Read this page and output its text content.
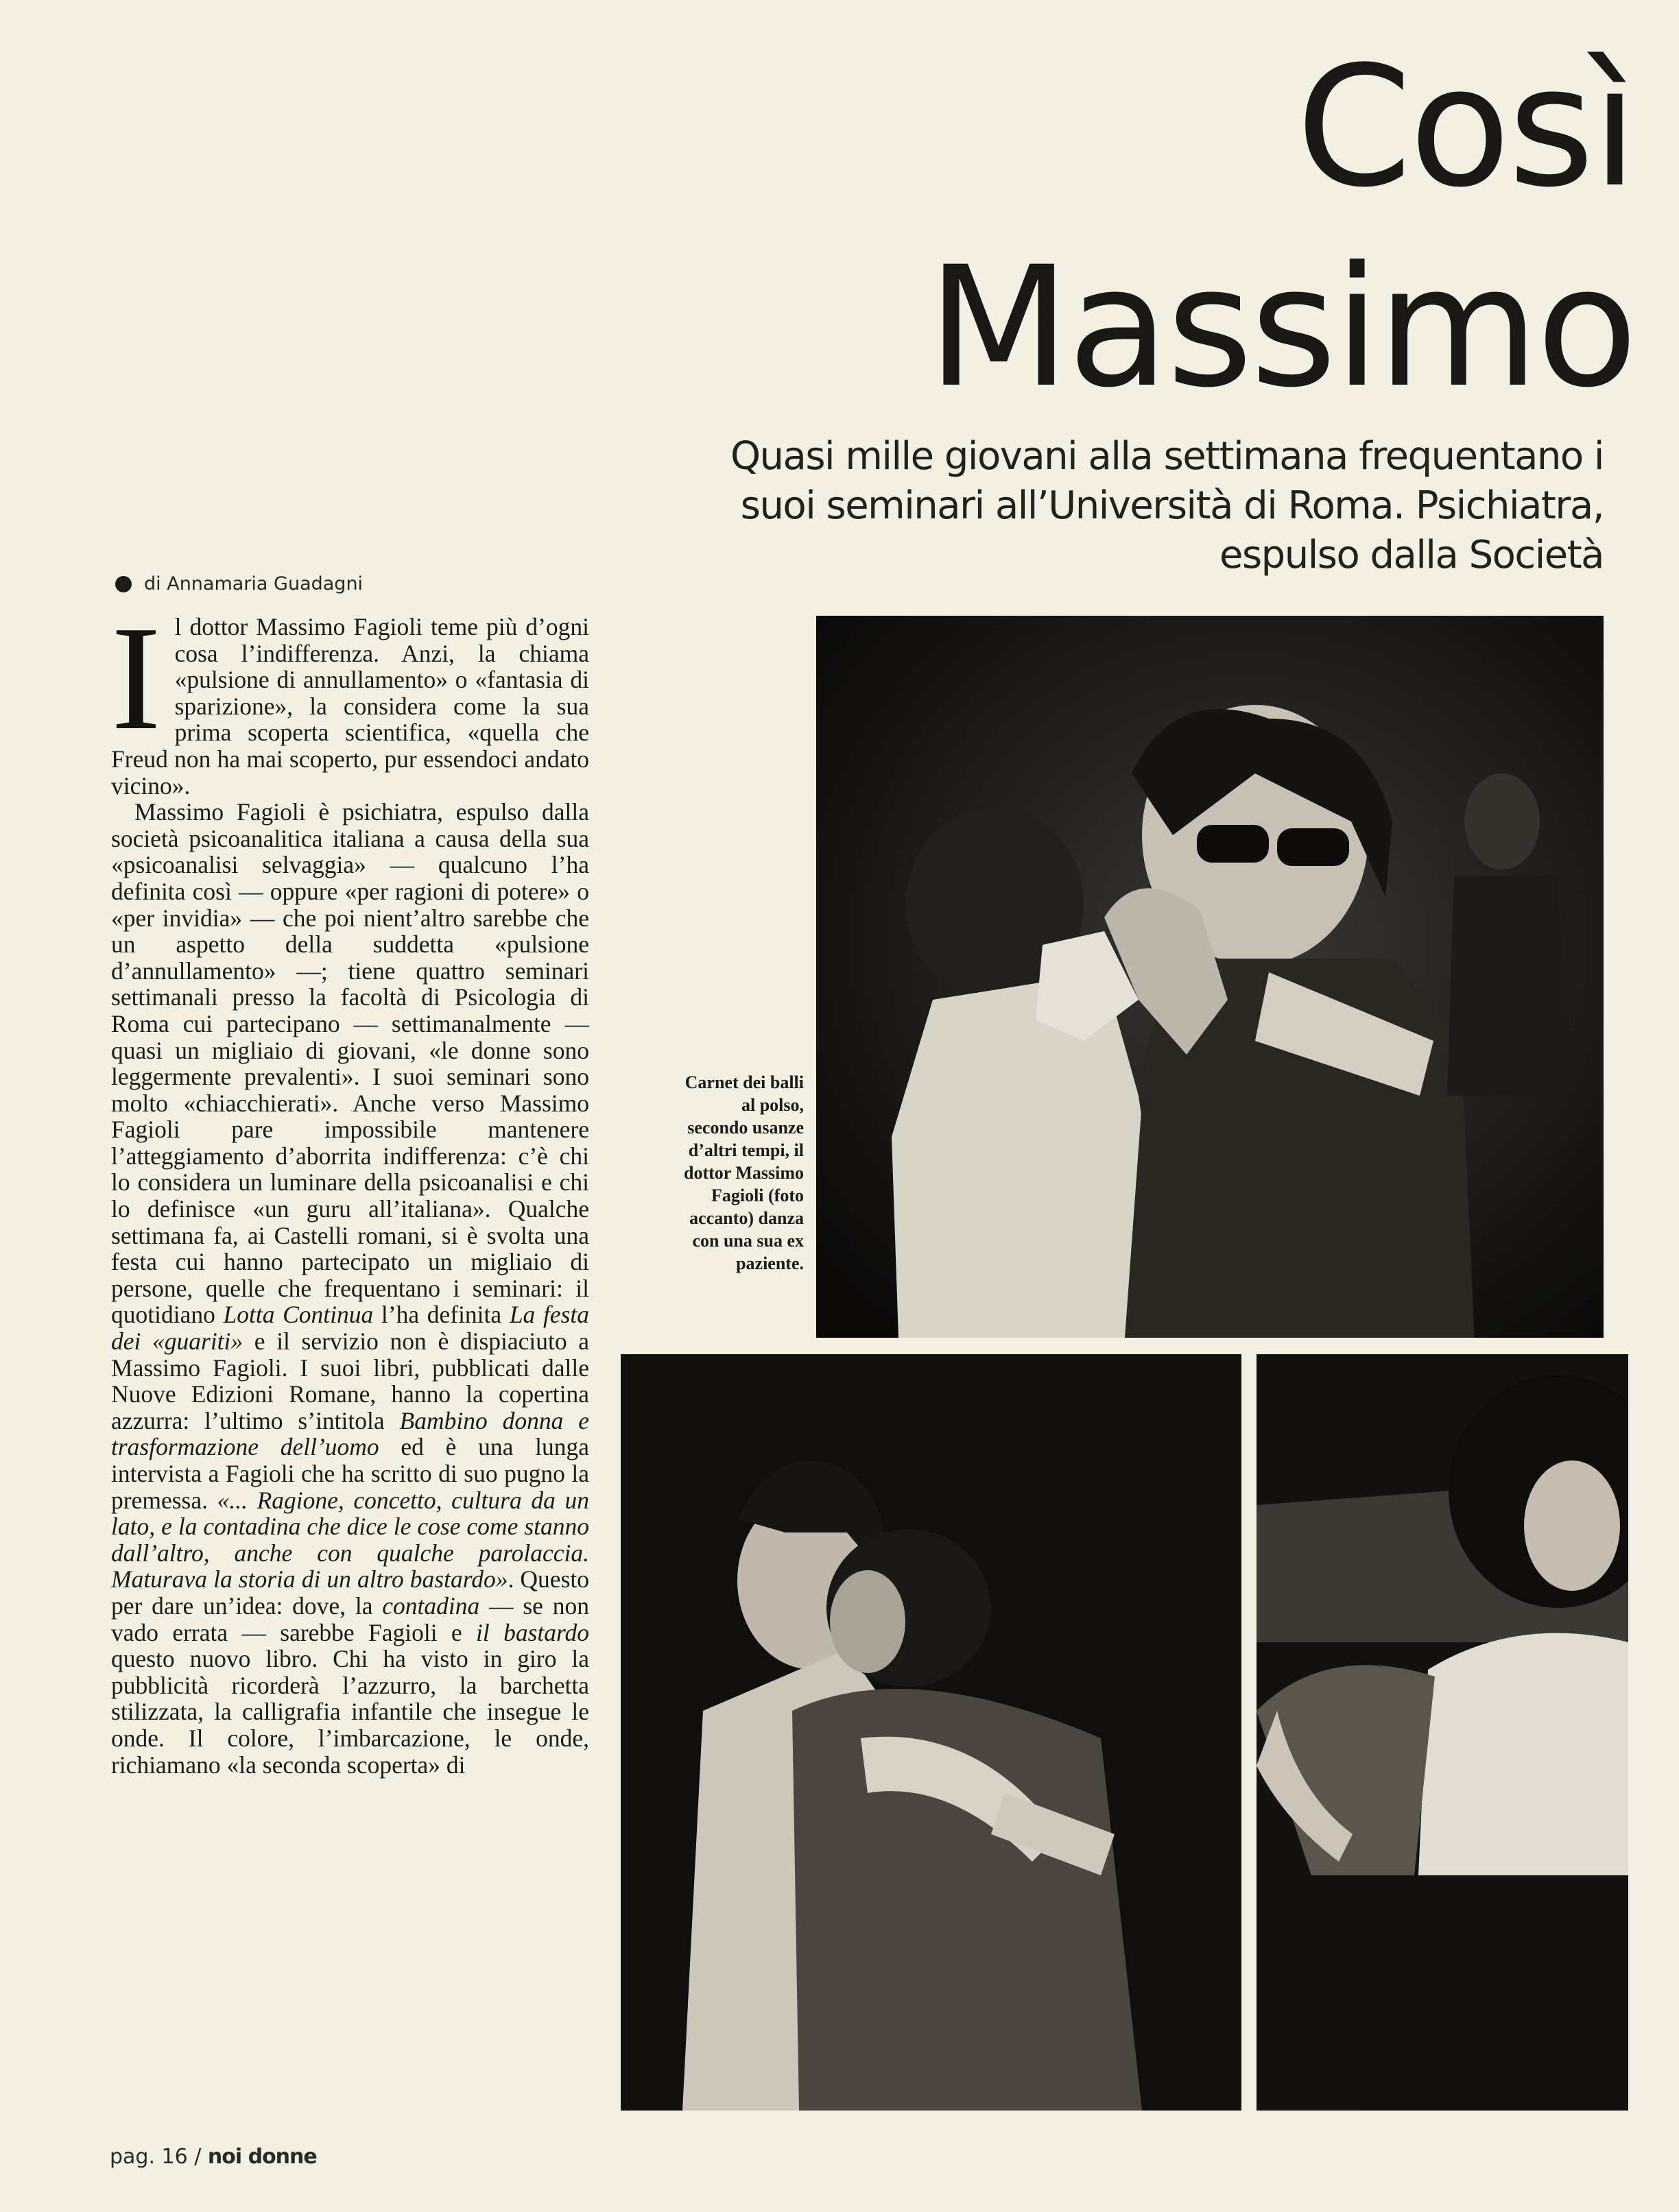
Così
Massimo

Quasi mille giovani alla settimana frequentano i suoi seminari all’Università di Roma. Psichiatra, espulso dalla Società

di Annamaria Guadagni

Il dottor Massimo Fagioli teme più d’ogni cosa l’indifferenza. Anzi, la chiama «pulsione di annullamento» o «fantasia di sparizione», la considera come la sua prima scoperta scientifica, «quella che Freud non ha mai scoperto, pur essendoci andato vicino».

Massimo Fagioli è psichiatra, espulso dalla società psicoanalitica italiana a causa della sua «psicoanalisi selvaggia» — qualcuno l’ha definita così — oppure «per ragioni di potere» o «per invidia» — che poi nient’altro sarebbe che un aspetto della suddetta «pulsione d’annullamento» —; tiene quattro seminari settimanali presso la facoltà di Psicologia di Roma cui partecipano — settimanalmente — quasi un migliaio di giovani, «le donne sono leggermente prevalenti». I suoi seminari sono molto «chiacchierati». Anche verso Massimo Fagioli pare impossibile mantenere l’atteggiamento d’aborrita indifferenza: c’è chi lo considera un luminare della psicoanalisi e chi lo definisce «un guru all’italiana». Qualche settimana fa, ai Castelli romani, si è svolta una festa cui hanno partecipato un migliaio di persone, quelle che frequentano i seminari: il quotidiano Lotta Continua l’ha definita La festa dei «guariti» e il servizio non è dispiaciuto a Massimo Fagioli. I suoi libri, pubblicati dalle Nuove Edizioni Romane, hanno la copertina azzurra: l’ultimo s’intitola Bambino donna e trasformazione dell’uomo ed è una lunga intervista a Fagioli che ha scritto di suo pugno la premessa. «... Ragione, concetto, cultura da un lato, e la contadina che dice le cose come stanno dall’altro, anche con qualche parolaccia. Maturava la storia di un altro bastardo». Questo per dare un’idea: dove, la contadina — se non vado errata — sarebbe Fagioli e il bastardo questo nuovo libro. Chi ha visto in giro la pubblicità ricorderà l’azzurro, la barchetta stilizzata, la calligrafia infantile che insegue le onde. Il colore, l’imbarcazione, le onde, richiamano «la seconda scoperta» di

Carnet dei balli al polso, secondo usanze d’altri tempi, il dottor Massimo Fagioli (foto accanto) danza con una sua ex paziente.
pag. 16 / noi donne
